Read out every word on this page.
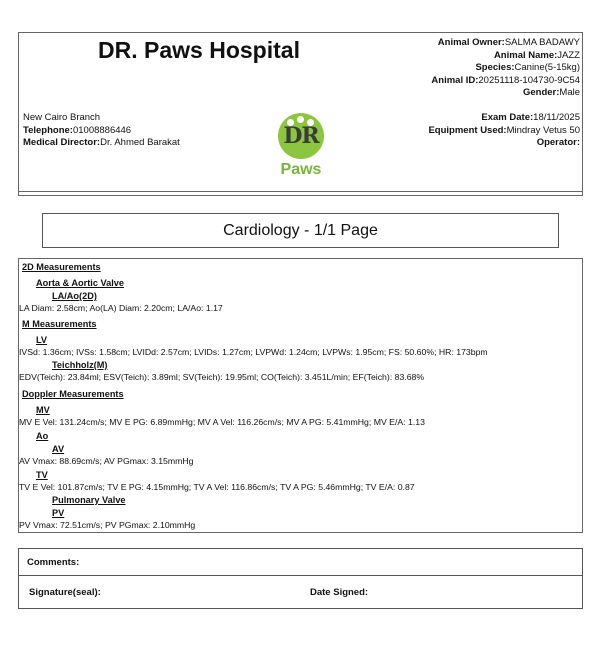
DR. Paws Hospital	Animal Owner:SALMA BADAWY
Animal Name:JAZZ
Species:Canine(5-15kg)
Animal ID:20251118-104730-9C54
Gender:Male
New Cairo Branch
Telephone:01008886446
Medical Director:Dr. Ahmed Barakat	DR
Paws
Exam Date:18/11/2025
Equipment Used:Mindray Vetus 50
Operator:
Cardiology - 1/1 Page
2D Measurements
Aorta & Aortic Valve
LA/Ao(2D)
LA Diam: 2.58cm; Ao(LA) Diam: 2.20cm; LA/Ao: 1.17
M Measurements
LV
IVSd: 1.36cm; IVSs: 1.58cm; LVIDd: 2.57cm; LVIDs: 1.27cm; LVPWd: 1.24cm; LVPWs: 1.95cm; FS: 50.60%; HR: 173bpm
Teichholz(M)
EDV(Teich): 23.84ml; ESV(Teich): 3.89ml; SV(Teich): 19.95ml; CO(Teich): 3.451L/min; EF(Teich): 83.68%
Doppler Measurements
MV
MV E Vel: 131.24cm/s; MV E PG: 6.89mmHg; MV A Vel: 116.26cm/s; MV A PG: 5.41mmHg; MV E/A: 1.13
Ao
AV
AV Vmax: 88.69cm/s; AV PGmax: 3.15mmHg
TV
TV E Vel: 101.87cm/s; TV E PG: 4.15mmHg; TV A Vel: 116.86cm/s; TV A PG: 5.46mmHg; TV E/A: 0.87
Pulmonary Valve
PV
PV Vmax: 72.51cm/s; PV PGmax: 2.10mmHg
Comments:
Signature(seal):	Date Signed:
